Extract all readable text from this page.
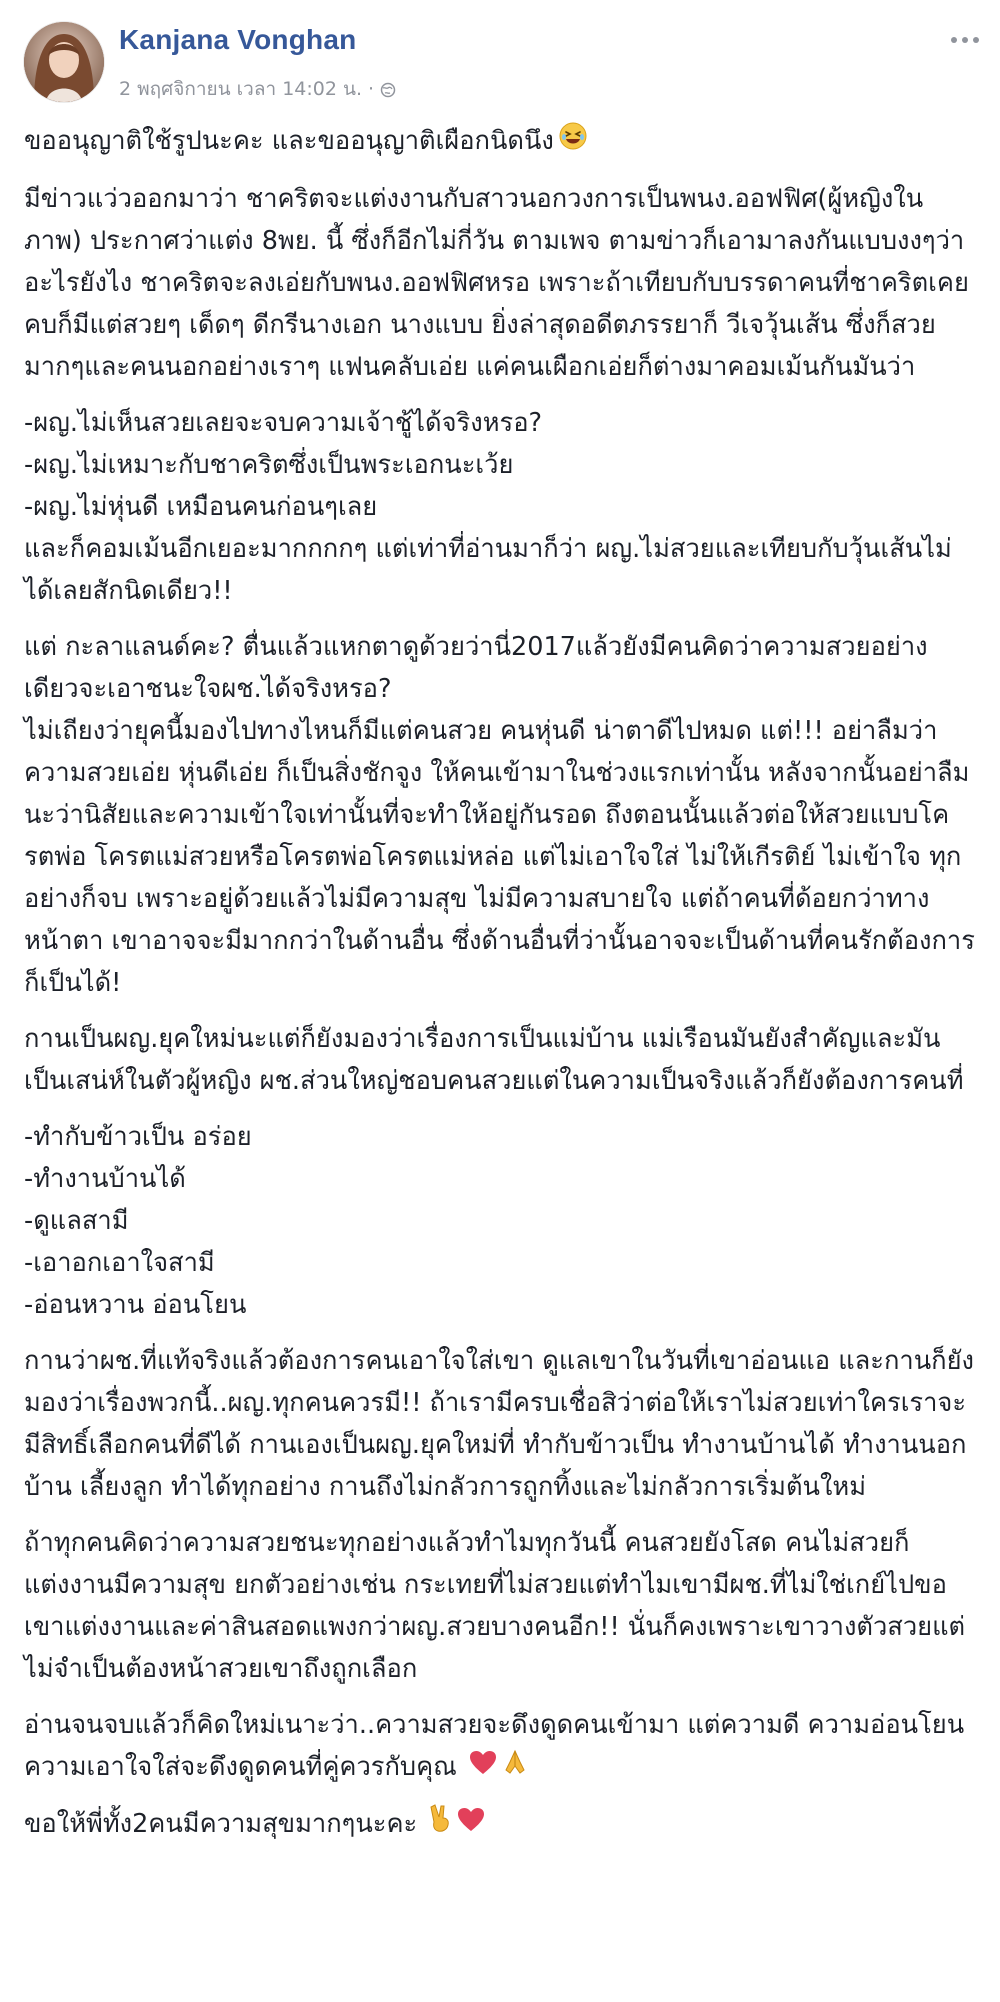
Kanjana Vonghan
2 พฤศจิกายน เวลา 14:02 น. ·

ขออนุญาติใช้รูปนะคะ และขออนุญาติเผือกนิดนึง

มีข่าวแว่วออกมาว่า ชาคริตจะแต่งงานกับสาวนอกวงการเป็นพนง.ออฟฟิศ(ผู้หญิงในภาพ) ประกาศว่าแต่ง 8พย. นี้ ซึ่งก็อีกไม่กี่วัน ตามเพจ ตามข่าวก็เอามาลงกันแบบงงๆว่า อะไรยังไง ชาคริตจะลงเอ่ยกับพนง.ออฟฟิศหรอ เพราะถ้าเทียบกับบรรดาคนที่ชาคริตเคยคบก็มีแต่สวยๆ เด็ดๆ ดีกรีนางเอก นางแบบ ยิ่งล่าสุดอดีตภรรยาก็ วีเจวุ้นเส้น ซึ่งก็สวยมากๆและคนนอกอย่างเราๆ แฟนคลับเอ่ย แค่คนเผือกเอ่ยก็ต่างมาคอมเม้นกันมันว่า

-ผญ.ไม่เห็นสวยเลยจะจบความเจ้าชู้ได้จริงหรอ?
-ผญ.ไม่เหมาะกับชาคริตซึ่งเป็นพระเอกนะเว้ย
-ผญ.ไม่หุ่นดี เหมือนคนก่อนๆเลย
และก็คอมเม้นอีกเยอะมากกกกๆ แต่เท่าที่อ่านมาก็ว่า ผญ.ไม่สวยและเทียบกับวุ้นเส้นไม่ได้เลยสักนิดเดียว!!

แต่ กะลาแลนด์คะ? ตื่นแล้วแหกตาดูด้วยว่านี่2017แล้วยังมีคนคิดว่าความสวยอย่างเดียวจะเอาชนะใจผช.ได้จริงหรอ?
ไม่เถียงว่ายุคนี้มองไปทางไหนก็มีแต่คนสวย คนหุ่นดี น่าตาดีไปหมด แต่!!! อย่าลืมว่าความสวยเอ่ย หุ่นดีเอ่ย ก็เป็นสิ่งชักจูง ให้คนเข้ามาในช่วงแรกเท่านั้น หลังจากนั้นอย่าลืมนะว่านิสัยและความเข้าใจเท่านั้นที่จะทำให้อยู่กันรอด ถึงตอนนั้นแล้วต่อให้สวยแบบโครตพ่อ โครตแม่สวยหรือโครตพ่อโครตแม่หล่อ แต่ไม่เอาใจใส่ ไม่ให้เกีรติย์ ไม่เข้าใจ ทุกอย่างก็จบ เพราะอยู่ด้วยแล้วไม่มีความสุข ไม่มีความสบายใจ แต่ถ้าคนที่ด้อยกว่าทางหน้าตา เขาอาจจะมีมากกว่าในด้านอื่น ซึ่งด้านอื่นที่ว่านั้นอาจจะเป็นด้านที่คนรักต้องการก็เป็นได้!

กานเป็นผญ.ยุคใหม่นะแต่ก็ยังมองว่าเรื่องการเป็นแม่บ้าน แม่เรือนมันยังสำคัญและมันเป็นเสน่ห์ในตัวผู้หญิง ผช.ส่วนใหญ่ชอบคนสวยแต่ในความเป็นจริงแล้วก็ยังต้องการคนที่

-ทำกับข้าวเป็น อร่อย
-ทำงานบ้านได้
-ดูแลสามี
-เอาอกเอาใจสามี
-อ่อนหวาน อ่อนโยน

กานว่าผช.ที่แท้จริงแล้วต้องการคนเอาใจใส่เขา ดูแลเขาในวันที่เขาอ่อนแอ และกานก็ยังมองว่าเรื่องพวกนี้..ผญ.ทุกคนควรมี!! ถ้าเรามีครบเชื่อสิว่าต่อให้เราไม่สวยเท่าใครเราจะมีสิทธิ์เลือกคนที่ดีได้ กานเองเป็นผญ.ยุคใหม่ที่ ทำกับข้าวเป็น ทำงานบ้านได้ ทำงานนอกบ้าน เลี้ยงลูก ทำได้ทุกอย่าง กานถึงไม่กลัวการถูกทิ้งและไม่กลัวการเริ่มต้นใหม่

ถ้าทุกคนคิดว่าความสวยชนะทุกอย่างแล้วทำไมทุกวันนี้ คนสวยยังโสด คนไม่สวยก็แต่งงานมีความสุข ยกตัวอย่างเช่น กระเทยที่ไม่สวยแต่ทำไมเขามีผช.ที่ไม่ใช่เกย์ไปขอเขาแต่งงานและค่าสินสอดแพงกว่าผญ.สวยบางคนอีก!! นั่นก็คงเพราะเขาวางตัวสวยแต่ไม่จำเป็นต้องหน้าสวยเขาถึงถูกเลือก

อ่านจนจบแล้วก็คิดใหม่เนาะว่า..ความสวยจะดึงดูดคนเข้ามา แต่ความดี ความอ่อนโยน ความเอาใจใส่จะดึงดูดคนที่คู่ควรกับคุณ

ขอให้พี่ทั้ง2คนมีความสุขมากๆนะคะ
